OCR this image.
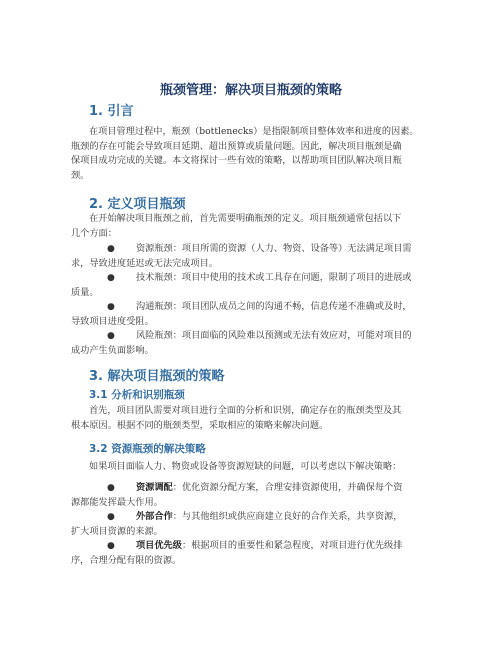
瓶颈管理：解决项目瓶颈的策略
1. 引言
在项目管理过程中，瓶颈（bottlenecks）是指限制项目整体效率和进度的因素。
瓶颈的存在可能会导致项目延期、超出预算或质量问题。因此，解决项目瓶颈是确
保项目成功完成的关键。本文将探讨一些有效的策略，以帮助项目团队解决项目瓶
颈。
2. 定义项目瓶颈
在开始解决项目瓶颈之前，首先需要明确瓶颈的定义。项目瓶颈通常包括以下
几个方面：
●	资源瓶颈：项目所需的资源（人力、物资、设备等）无法满足项目需
求，导致进度延迟或无法完成项目。
●	技术瓶颈：项目中使用的技术或工具存在问题，限制了项目的进展或
质量。
●	沟通瓶颈：项目团队成员之间的沟通不畅，信息传递不准确或及时，
导致项目进度受阻。
●	风险瓶颈：项目面临的风险难以预测或无法有效应对，可能对项目的
成功产生负面影响。
3. 解决项目瓶颈的策略
3.1 分析和识别瓶颈
首先，项目团队需要对项目进行全面的分析和识别，确定存在的瓶颈类型及其
根本原因。根据不同的瓶颈类型，采取相应的策略来解决问题。
3.2 资源瓶颈的解决策略
如果项目面临人力、物资或设备等资源短缺的问题，可以考虑以下解决策略：
●	资源调配：优化资源分配方案，合理安排资源使用，并确保每个资
源都能发挥最大作用。
●	外部合作：与其他组织或供应商建立良好的合作关系，共享资源，
扩大项目资源的来源。
●	项目优先级：根据项目的重要性和紧急程度，对项目进行优先级排
序，合理分配有限的资源。
